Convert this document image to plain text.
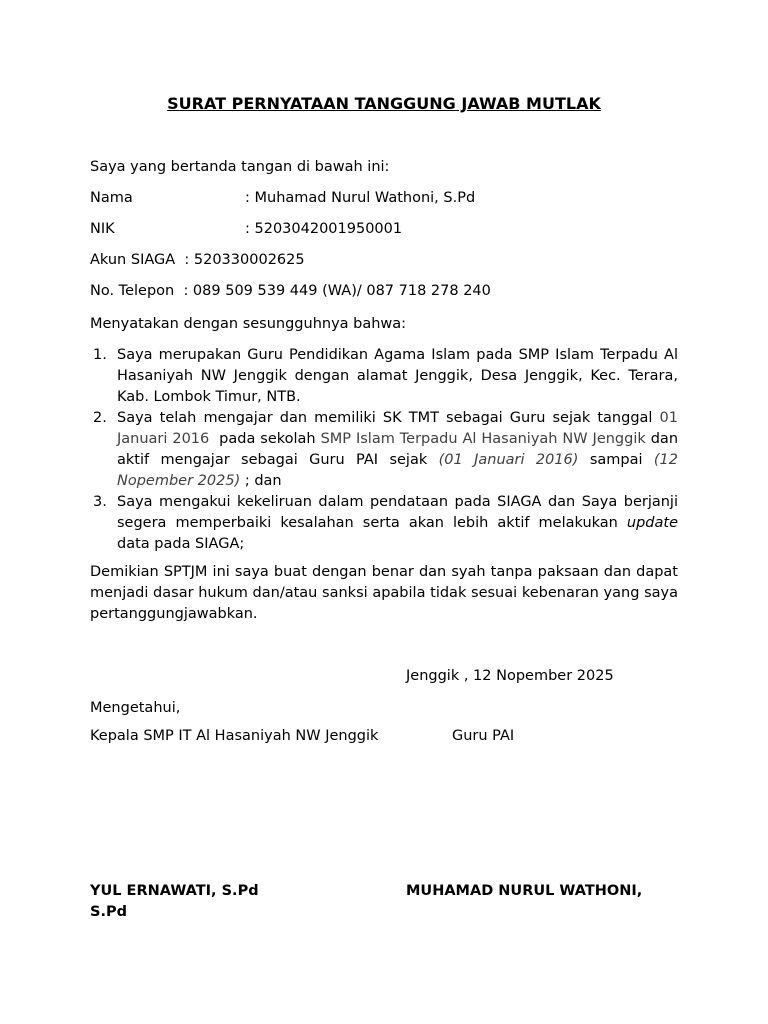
SURAT PERNYATAAN TANGGUNG JAWAB MUTLAK
Saya yang bertanda tangan di bawah ini:
Nama	: Muhamad Nurul Wathoni, S.Pd
NIK	: 5203042001950001
Akun SIAGA : 520330002625
No. Telepon : 089 509 539 449 (WA)/ 087 718 278 240
Menyatakan dengan sesungguhnya bahwa:
1. Saya merupakan Guru Pendidikan Agama Islam pada SMP Islam Terpadu Al Hasaniyah NW Jenggik dengan alamat Jenggik, Desa Jenggik, Kec. Terara, Kab. Lombok Timur, NTB.
2. Saya telah mengajar dan memiliki SK TMT sebagai Guru sejak tanggal 01 Januari 2016  pada sekolah SMP Islam Terpadu Al Hasaniyah NW Jenggik dan aktif mengajar sebagai Guru PAI sejak (01 Januari 2016) sampai (12 Nopember 2025) ; dan
3. Saya mengakui kekeliruan dalam pendataan pada SIAGA dan Saya berjanji segera memperbaiki kesalahan serta akan lebih aktif melakukan update data pada SIAGA;

Demikian SPTJM ini saya buat dengan benar dan syah tanpa paksaan dan dapat menjadi dasar hukum dan/atau sanksi apabila tidak sesuai kebenaran yang saya pertanggungjawabkan.

Jenggik , 12 Nopember 2025
Mengetahui,
Kepala SMP IT Al Hasaniyah NW Jenggik	Guru PAI
YUL ERNAWATI, S.Pd	MUHAMAD NURUL WATHONI,
S.Pd
